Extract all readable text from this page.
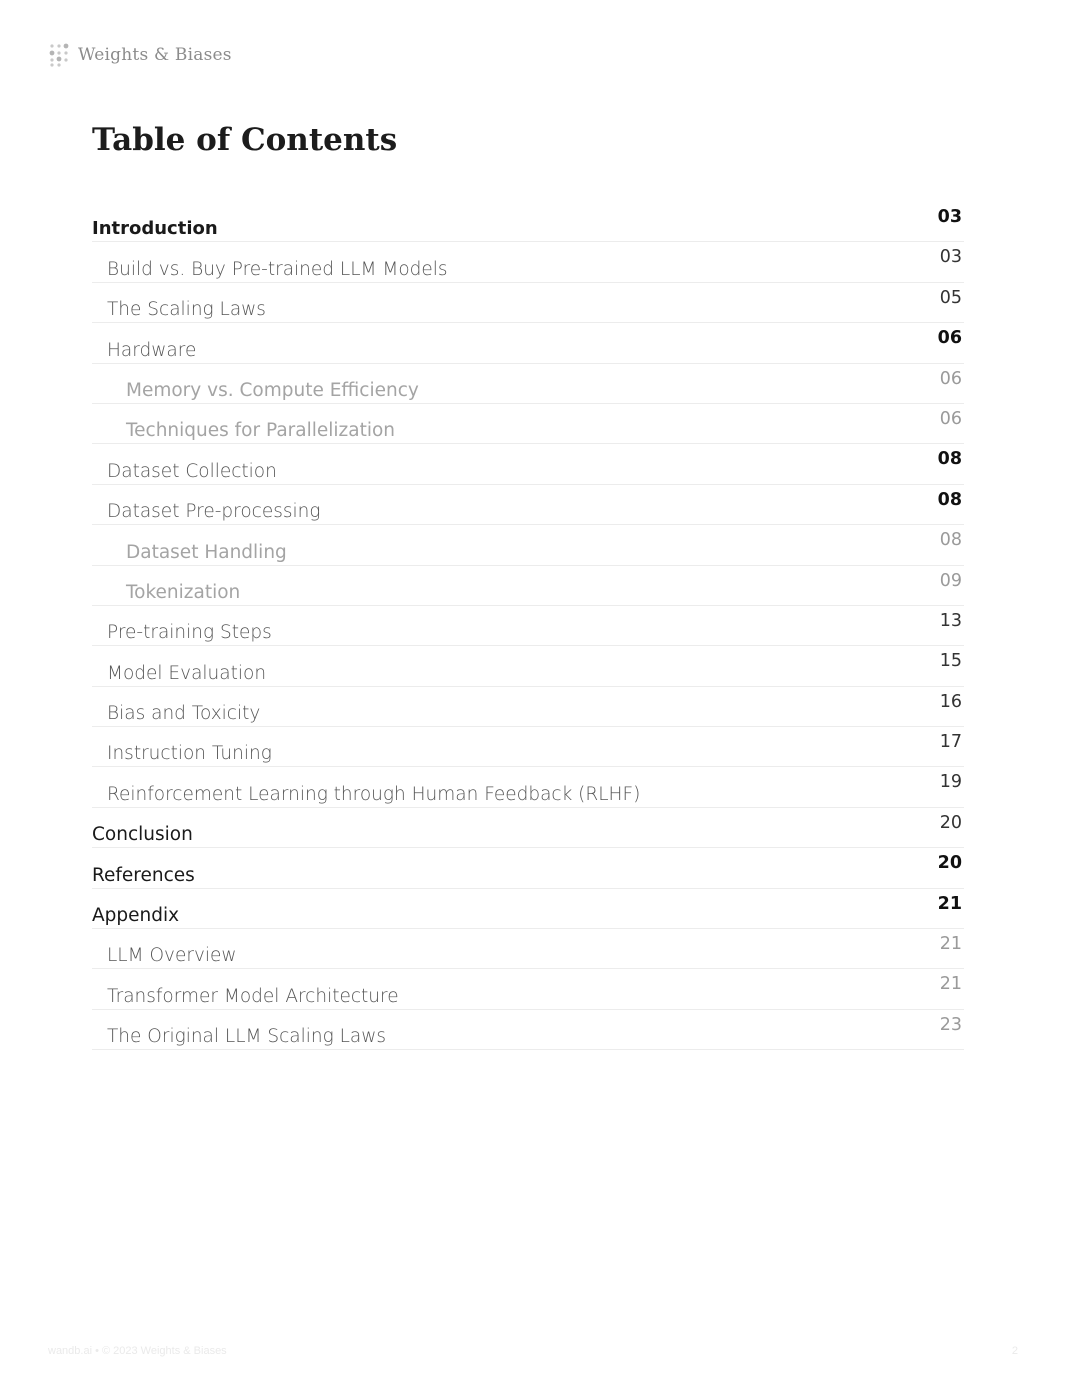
Weights & Biases
Table of Contents
Introduction
03
Build vs. Buy Pre-trained LLM Models
03
The Scaling Laws
05
Hardware
06
Memory vs. Compute Efficiency
06
Techniques for Parallelization
06
Dataset Collection
08
Dataset Pre-processing
08
Dataset Handling
08
Tokenization
09
Pre-training Steps
13
Model Evaluation
15
Bias and Toxicity
16
Instruction Tuning
17
Reinforcement Learning through Human Feedback (RLHF)
19
Conclusion
20
References
20
Appendix
21
LLM Overview
21
Transformer Model Architecture
21
The Original LLM Scaling Laws
23
wandb.ai • © 2023 Weights & Biases	2
